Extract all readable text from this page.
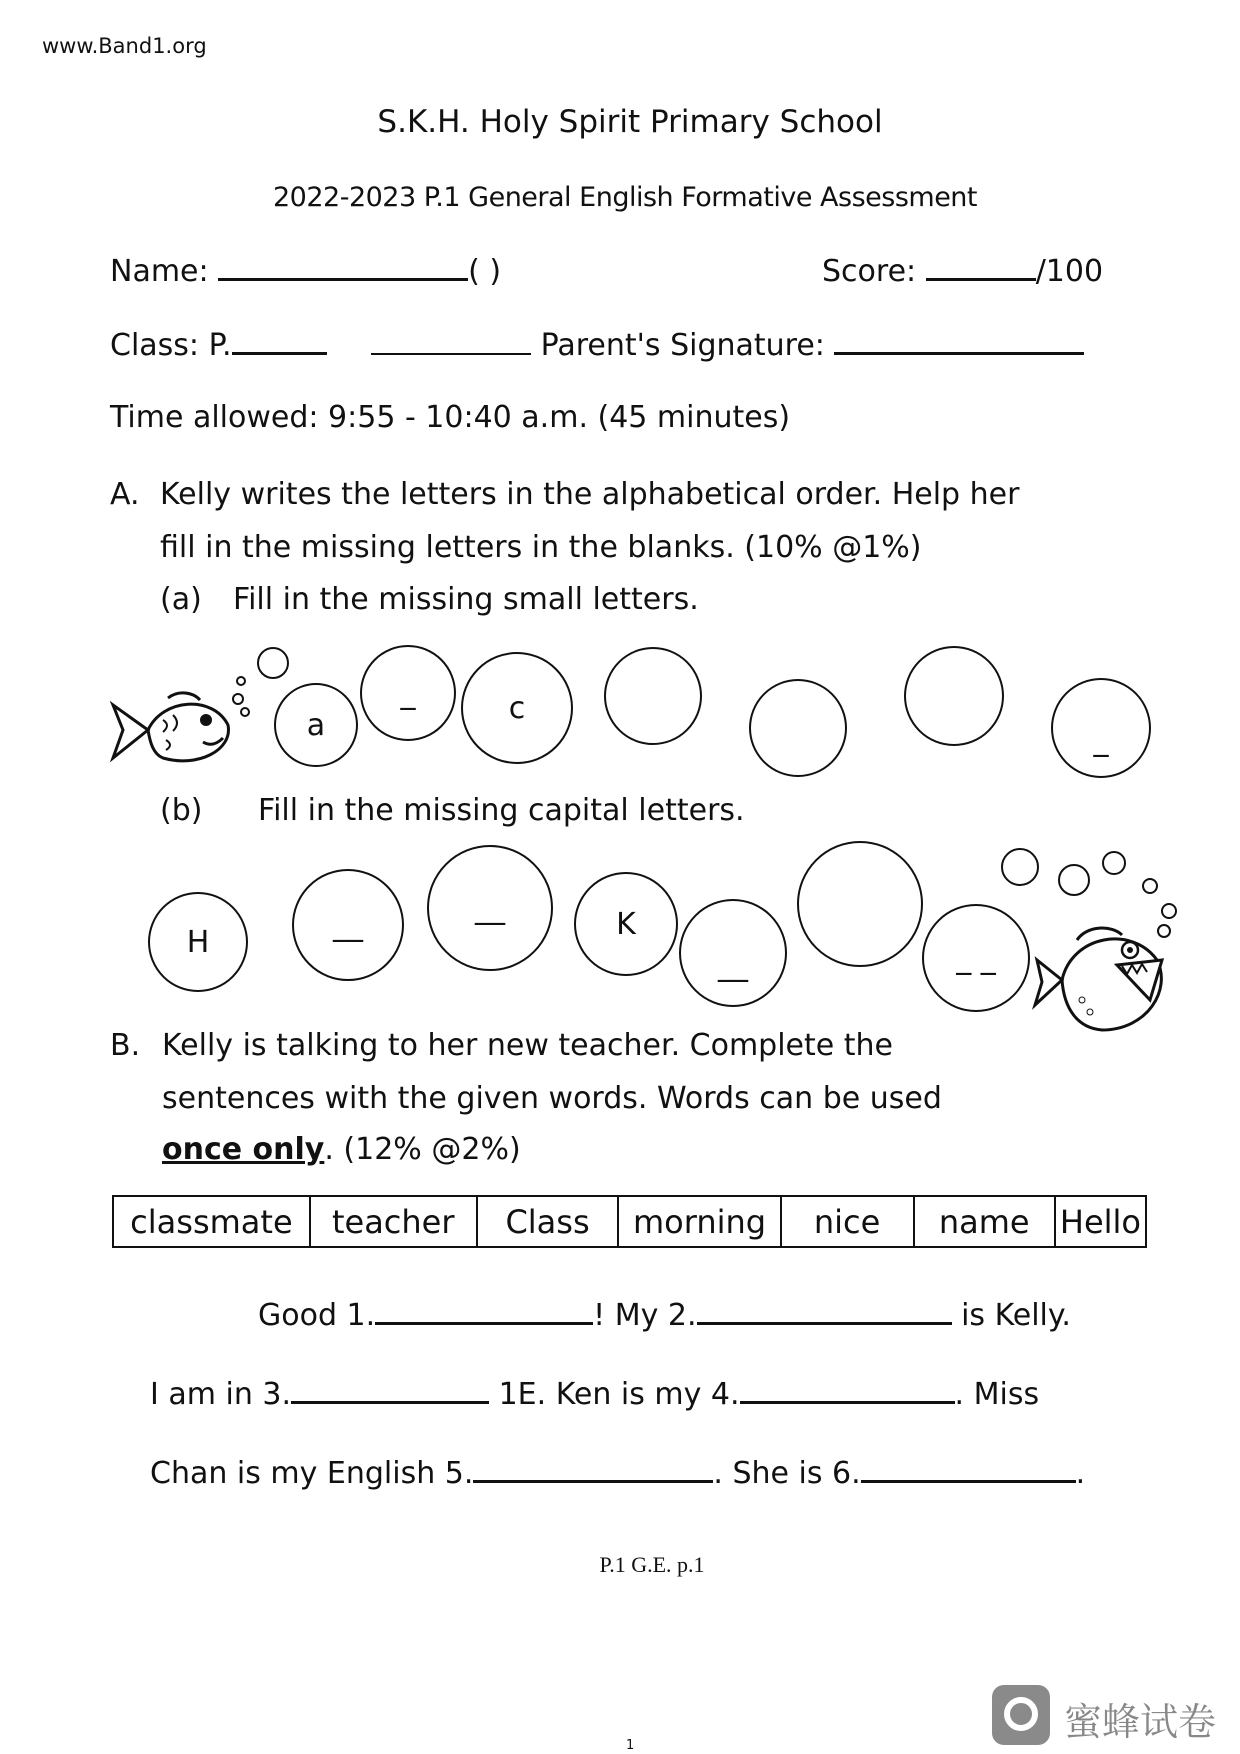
www.Band1.org
S.K.H. Holy Spirit Primary School
2022-2023 P.1 General English Formative Assessment
Name:	( )	Score:	/100
Class: P.	Parent's Signature:
Time allowed: 9:55 - 10:40 a.m. (45 minutes)
A. Kelly writes the letters in the alphabetical order. Help her
fill in the missing letters in the blanks. (10% @1%)
(a) Fill in the missing small letters.
a
_	c
_
(b) Fill in the missing capital letters.
H	__	__	K
__	_ _
B. Kelly is talking to her new teacher. Complete the
sentences with the given words. Words can be used
once only. (12% @2%)
classmate	teacher	Class	morning	nice	name	Hello
Good 1.	! My 2.	is Kelly.
I am in 3.	1E. Ken is my 4.	. Miss
Chan is my English 5.	. She is 6.	.
P.1 G.E. p.1
蜜蜂试卷
1
